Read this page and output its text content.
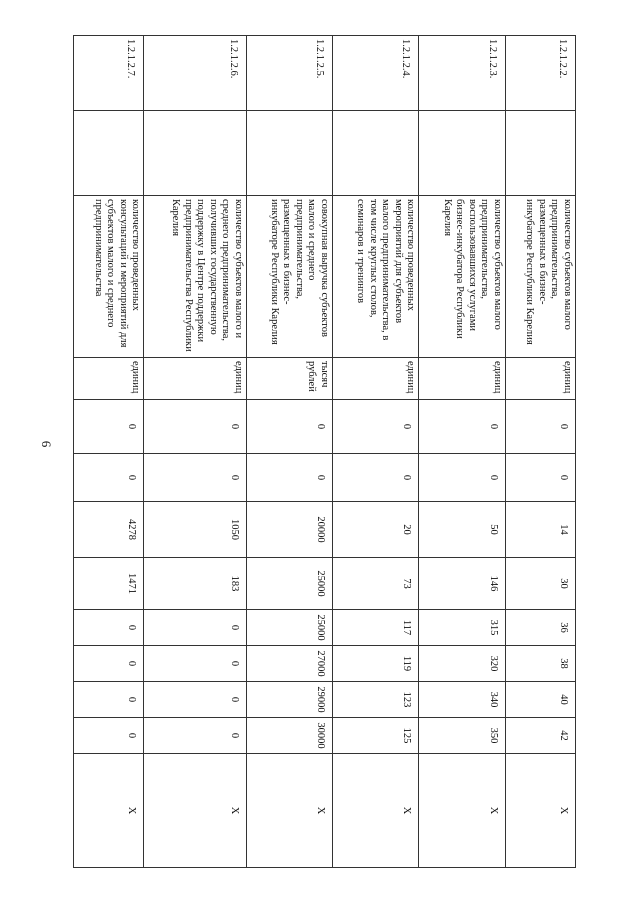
6
1.2.1.2.2.		количество субъектов малого предпринимательства, размещенных в бизнес-инкубаторе Республики Карелия	единиц	0	0	14	30	36	38	40	42	Х
1.2.1.2.3.		количество субъектов малого предпринимательства, воспользовавшихся услугами бизнес-инкубатора Республики Карелия	единиц	0	0	50	146	315	320	340	350	Х
1.2.1.2.4.		количество проведенных мероприятий для субъектов малого предпринимательства, в том числе круглых столов, семинаров и тренингов	единиц	0	0	20	73	117	119	123	125	Х
1.2.1.2.5.		совокупная выручка субъектов малого и среднего предпринимательства, размещенных в бизнес-инкубаторе Республики Карелия	тысяч рублей	0	0	20000	25000	25000	27000	29000	30000	Х
1.2.1.2.6.		количество субъектов малого и среднего предпринимательства, получивших государственную поддержку в Центре поддержки предпринимательства Республики Карелия	единиц	0	0	1050	183	0	0	0	0	Х
1.2.1.2.7.		количество проведенных консультаций и мероприятий для субъектов малого и среднего предпринимательства	единиц	0	0	4278	1471	0	0	0	0	Х
